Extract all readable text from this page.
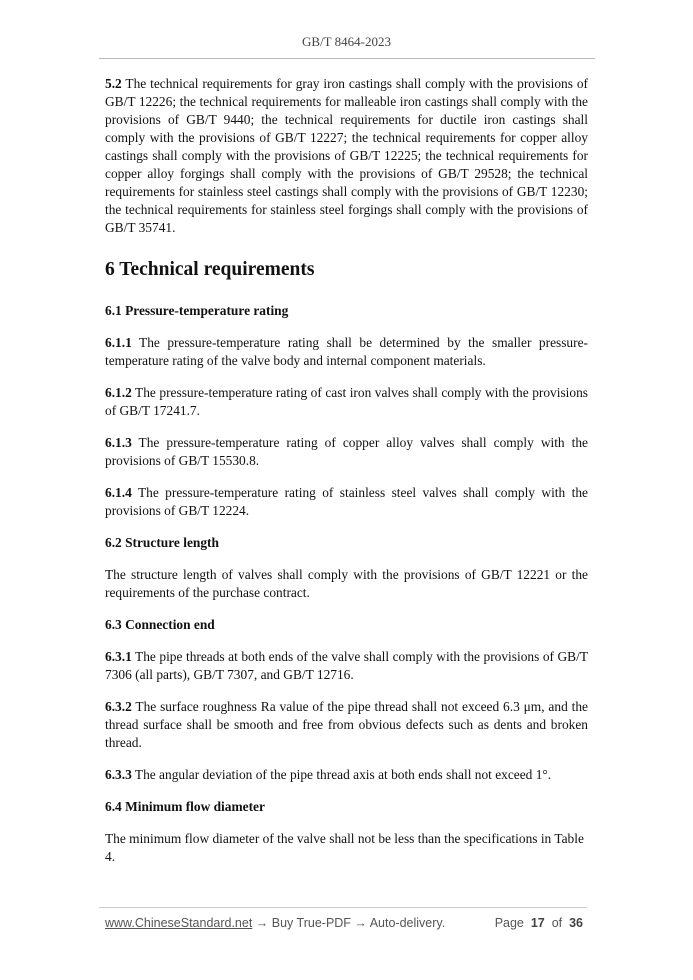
GB/T 8464-2023

5.2 The technical requirements for gray iron castings shall comply with the provisions of GB/T 12226; the technical requirements for malleable iron castings shall comply with the provisions of GB/T 9440; the technical requirements for ductile iron castings shall comply with the provisions of GB/T 12227; the technical requirements for copper alloy castings shall comply with the provisions of GB/T 12225; the technical requirements for copper alloy forgings shall comply with the provisions of GB/T 29528; the technical requirements for stainless steel castings shall comply with the provisions of GB/T 12230; the technical requirements for stainless steel forgings shall comply with the provisions of GB/T 35741.

6 Technical requirements
6.1 Pressure-temperature rating

6.1.1 The pressure-temperature rating shall be determined by the smaller pressure-temperature rating of the valve body and internal component materials.

6.1.2 The pressure-temperature rating of cast iron valves shall comply with the provisions of GB/T 17241.7.

6.1.3 The pressure-temperature rating of copper alloy valves shall comply with the provisions of GB/T 15530.8.

6.1.4 The pressure-temperature rating of stainless steel valves shall comply with the provisions of GB/T 12224.

6.2 Structure length

The structure length of valves shall comply with the provisions of GB/T 12221 or the requirements of the purchase contract.

6.3 Connection end

6.3.1 The pipe threads at both ends of the valve shall comply with the provisions of GB/T 7306 (all parts), GB/T 7307, and GB/T 12716.

6.3.2 The surface roughness Ra value of the pipe thread shall not exceed 6.3 μm, and the thread surface shall be smooth and free from obvious defects such as dents and broken thread.

6.3.3 The angular deviation of the pipe thread axis at both ends shall not exceed 1°.

6.4 Minimum flow diameter

The minimum flow diameter of the valve shall not be less than the specifications in Table 4.

www.ChineseStandard.net → Buy True-PDF → Auto-delivery.	Page 17 of 36
